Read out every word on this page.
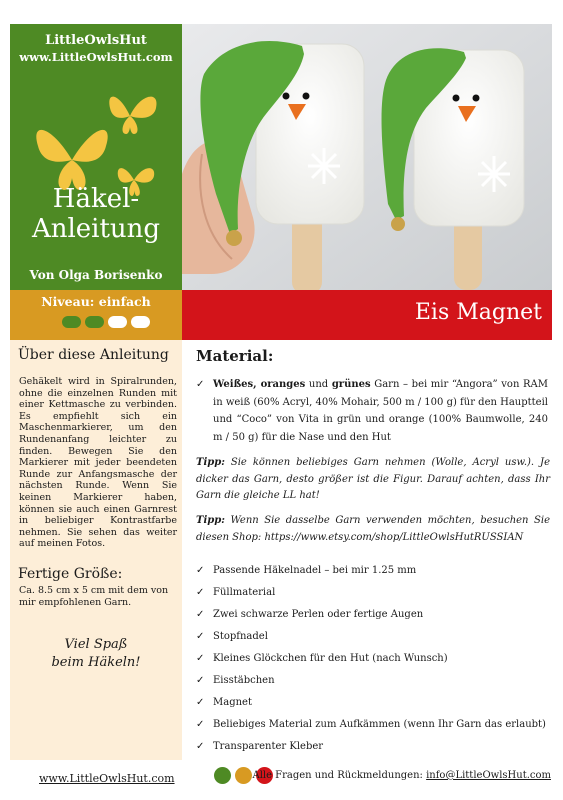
LittleOwlsHut
www.LittleOwlsHut.com
Häkel-
Anleitung
Von Olga Borisenko
Niveau: einfach	Eis Magnet
Über diese Anleitung
Gehäkelt wird in Spiralrunden, ohne die einzelnen Runden mit einer Kettmasche zu verbinden. Es empfiehlt sich ein Maschenmarkierer, um den Rundenanfang leichter zu finden. Bewegen Sie den Markierer mit jeder beendeten Runde zur Anfangsmasche der nächsten Runde. Wenn Sie keinen Markierer haben, können sie auch einen Garnrest in beliebiger Kontrastfarbe nehmen. Sie sehen das weiter auf meinen Fotos.
Fertige Größe:
Ca. 8.5 cm x 5 cm mit dem von mir empfohlenen Garn.
Viel Spaß
beim Häkeln!
Material:
✓ Weißes, oranges und grünes Garn – bei mir “Angora” von RAM in weiß (60% Acryl, 40% Mohair, 500 m / 100 g) für den Hauptteil und “Coco” von Vita in grün und orange (100% Baumwolle, 240 m / 50 g) für die Nase und den Hut
Tipp: Sie können beliebiges Garn nehmen (Wolle, Acryl usw.). Je dicker das Garn, desto größer ist die Figur. Darauf achten, dass Ihr Garn die gleiche LL hat!
Tipp: Wenn Sie dasselbe Garn verwenden möchten, besuchen Sie diesen Shop: https://www.etsy.com/shop/LittleOwlsHutRUSSIAN
✓ Passende Häkelnadel – bei mir 1.25 mm
✓ Füllmaterial
✓ Zwei schwarze Perlen oder fertige Augen
✓ Stopfnadel
✓ Kleines Glöckchen für den Hut (nach Wunsch)
✓ Eisstäbchen
✓ Magnet
✓ Beliebiges Material zum Aufkämmen (wenn Ihr Garn das erlaubt)
✓ Transparenter Kleber
www.LittleOwlsHut.com	Alle Fragen und Rückmeldungen: info@LittleOwlsHut.com
